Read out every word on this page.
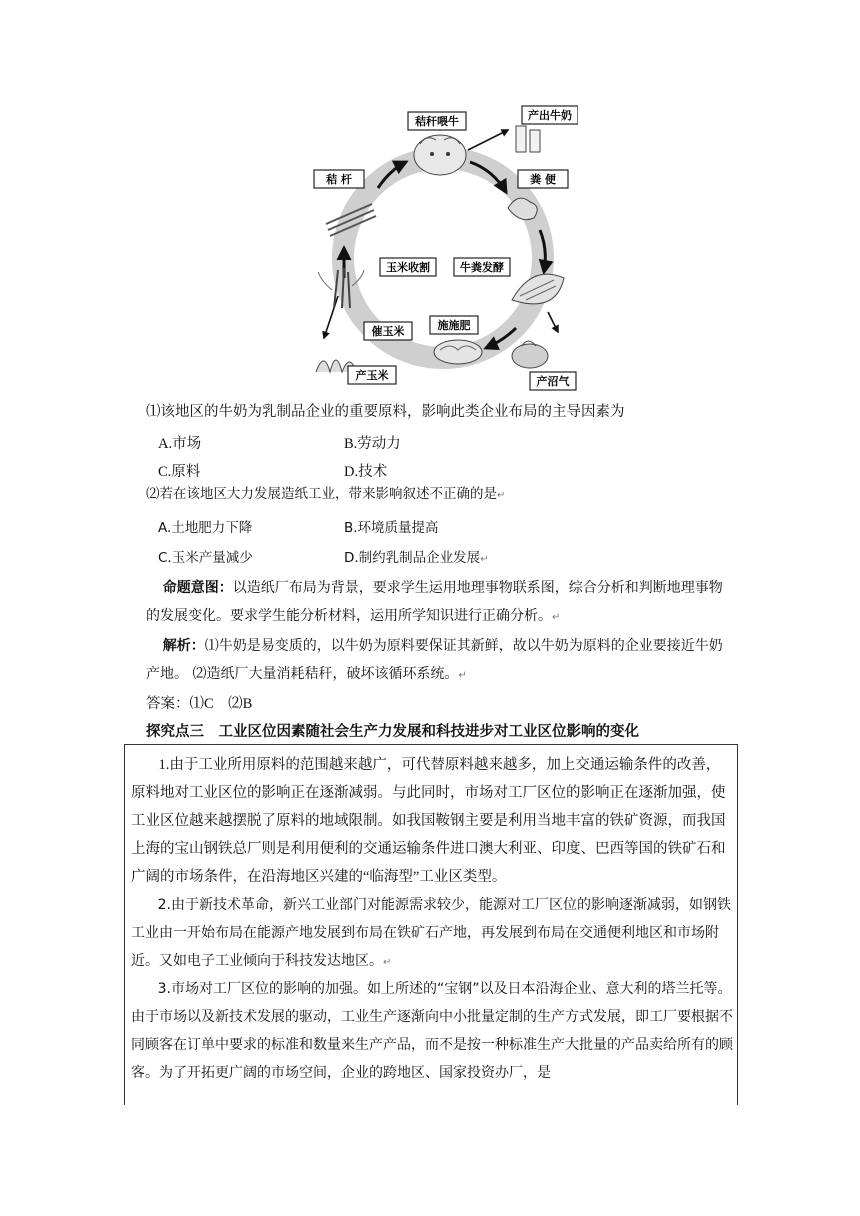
秸秆喂牛	产出牛奶
粪 便
秸 杆
玉米收割	牛粪发酵
施施肥
催玉米
产玉米	产沼气
⑴该地区的牛奶为乳制品企业的重要原料，影响此类企业布局的主导因素为
A.市场	B.劳动力
C.原料	D.技术
⑵若在该地区大力发展造纸工业，带来影响叙述不正确的是↵
A.土地肥力下降	B.环境质量提高
C.玉米产量减少	D.制约乳制品企业发展↵
命题意图：以造纸厂布局为背景，要求学生运用地理事物联系图，综合分析和判断地理事物的发展变化。要求学生能分析材料，运用所学知识进行正确分析。↵
解析：⑴牛奶是易变质的，以牛奶为原料要保证其新鲜，故以牛奶为原料的企业要接近牛奶产地。 ⑵造纸厂大量消耗秸秆，破坏该循环系统。↵
答案：⑴C　⑵B
探究点三　工业区位因素随社会生产力发展和科技进步对工业区位影响的变化
1.由于工业所用原料的范围越来越广，可代替原料越来越多，加上交通运输条件的改善，原料地对工业区位的影响正在逐渐减弱。与此同时，市场对工厂区位的影响正在逐渐加强，使工业区位越来越摆脱了原料的地域限制。如我国鞍钢主要是利用当地丰富的铁矿资源，而我国上海的宝山钢铁总厂则是利用便利的交通运输条件进口澳大利亚、印度、巴西等国的铁矿石和广阔的市场条件，在沿海地区兴建的“临海型”工业区类型。
2.由于新技术革命，新兴工业部门对能源需求较少，能源对工厂区位的影响逐渐减弱，如钢铁工业由一开始布局在能源产地发展到布局在铁矿石产地，再发展到布局在交通便利地区和市场附近。又如电子工业倾向于科技发达地区。↵
3.市场对工厂区位的影响的加强。如上所述的“宝钢”以及日本沿海企业、意大利的塔兰托等。由于市场以及新技术发展的驱动，工业生产逐渐向中小批量定制的生产方式发展，即工厂要根据不同顾客在订单中要求的标准和数量来生产产品，而不是按一种标准生产大批量的产品卖给所有的顾客。为了开拓更广阔的市场空间，企业的跨地区、国家投资办厂，是
